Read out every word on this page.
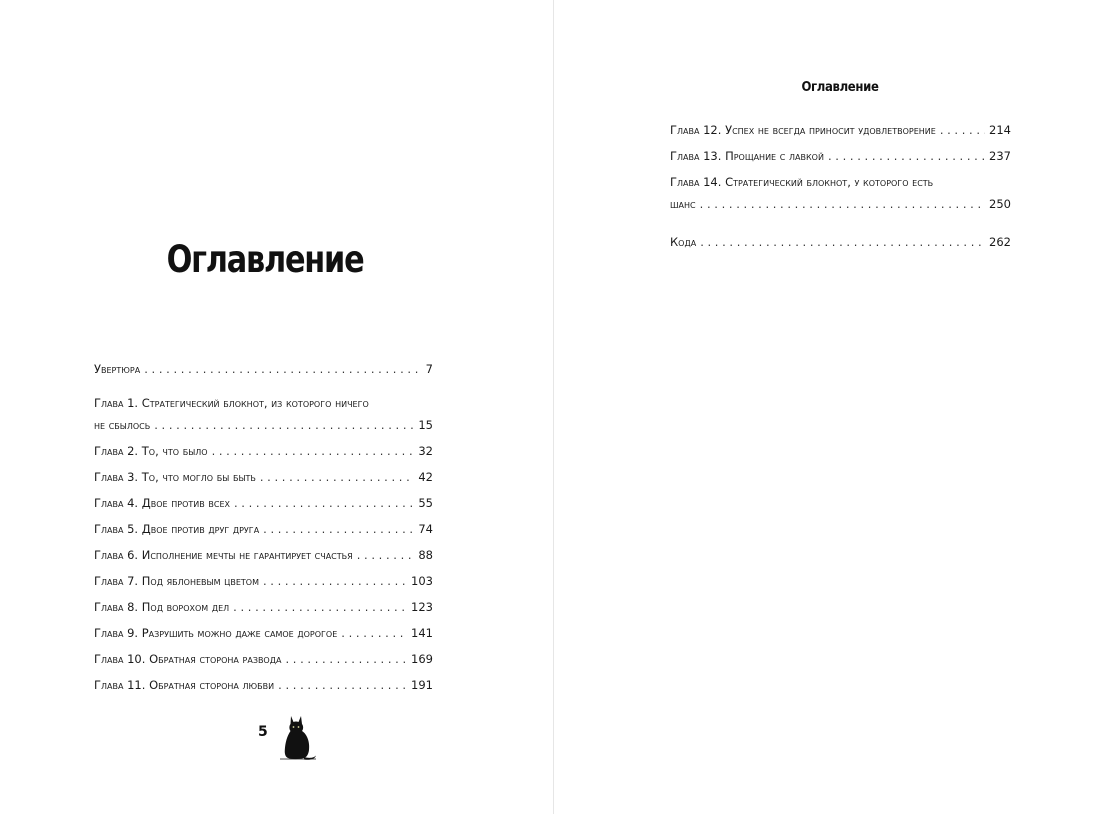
Оглавление
Увертюра . . .	7
Глава 1. Стратегический блокнот, из которого ничего
не сбылось . . .	15
Глава 2. То, что было . . .	32
Глава 3. То, что могло бы быть . . .	42
Глава 4. Двое против всех . . .	55
Глава 5. Двое против друг друга . . .	74
Глава 6. Исполнение мечты не гарантирует счастья . . .	88
Глава 7. Под яблоневым цветом . . .	103
Глава 8. Под ворохом дел . . .	123
Глава 9. Разрушить можно даже самое дорогое . . .	141
Глава 10. Обратная сторона развода . . .	169
Глава 11. Обратная сторона любви . . .	191
5
Оглавление
Глава 12. Успех не всегда приносит удовлетворение . . .	214
Глава 13. Прощание с лавкой . . .	237
Глава 14. Стратегический блокнот, у которого есть
шанс . . .	250
Кода . . .	262
